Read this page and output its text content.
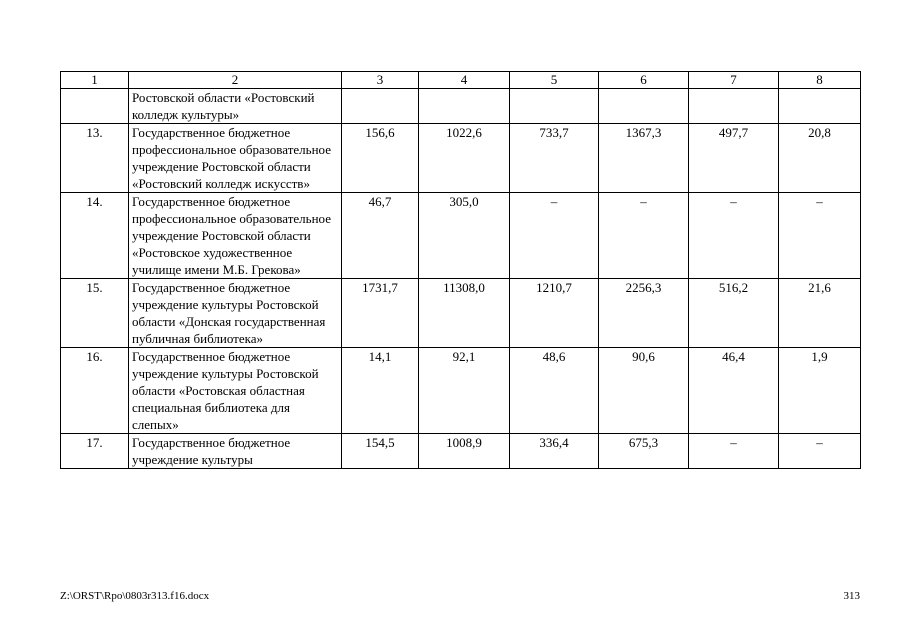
1	2	3	4	5	6	7	8
	Ростовской области «Ростовский колледж культуры»						
13.	Государственное бюджетное профессиональное образовательное учреждение Ростовской области «Ростовский колледж искусств»	156,6	1022,6	733,7	1367,3	497,7	20,8
14.	Государственное бюджетное профессиональное образовательное учреждение Ростовской области «Ростовское художественное училище имени М.Б. Грекова»	46,7	305,0	–	–	–	–
15.	Государственное бюджетное учреждение культуры Ростовской области «Донская государственная публичная библиотека»	1731,7	11308,0	1210,7	2256,3	516,2	21,6
16.	Государственное бюджетное учреждение культуры Ростовской области «Ростовская областная специальная библиотека для слепых»	14,1	92,1	48,6	90,6	46,4	1,9
17.	Государственное бюджетное учреждение культуры	154,5	1008,9	336,4	675,3	–	–
Z:\ORST\Rpo\0803r313.f16.docx	313
